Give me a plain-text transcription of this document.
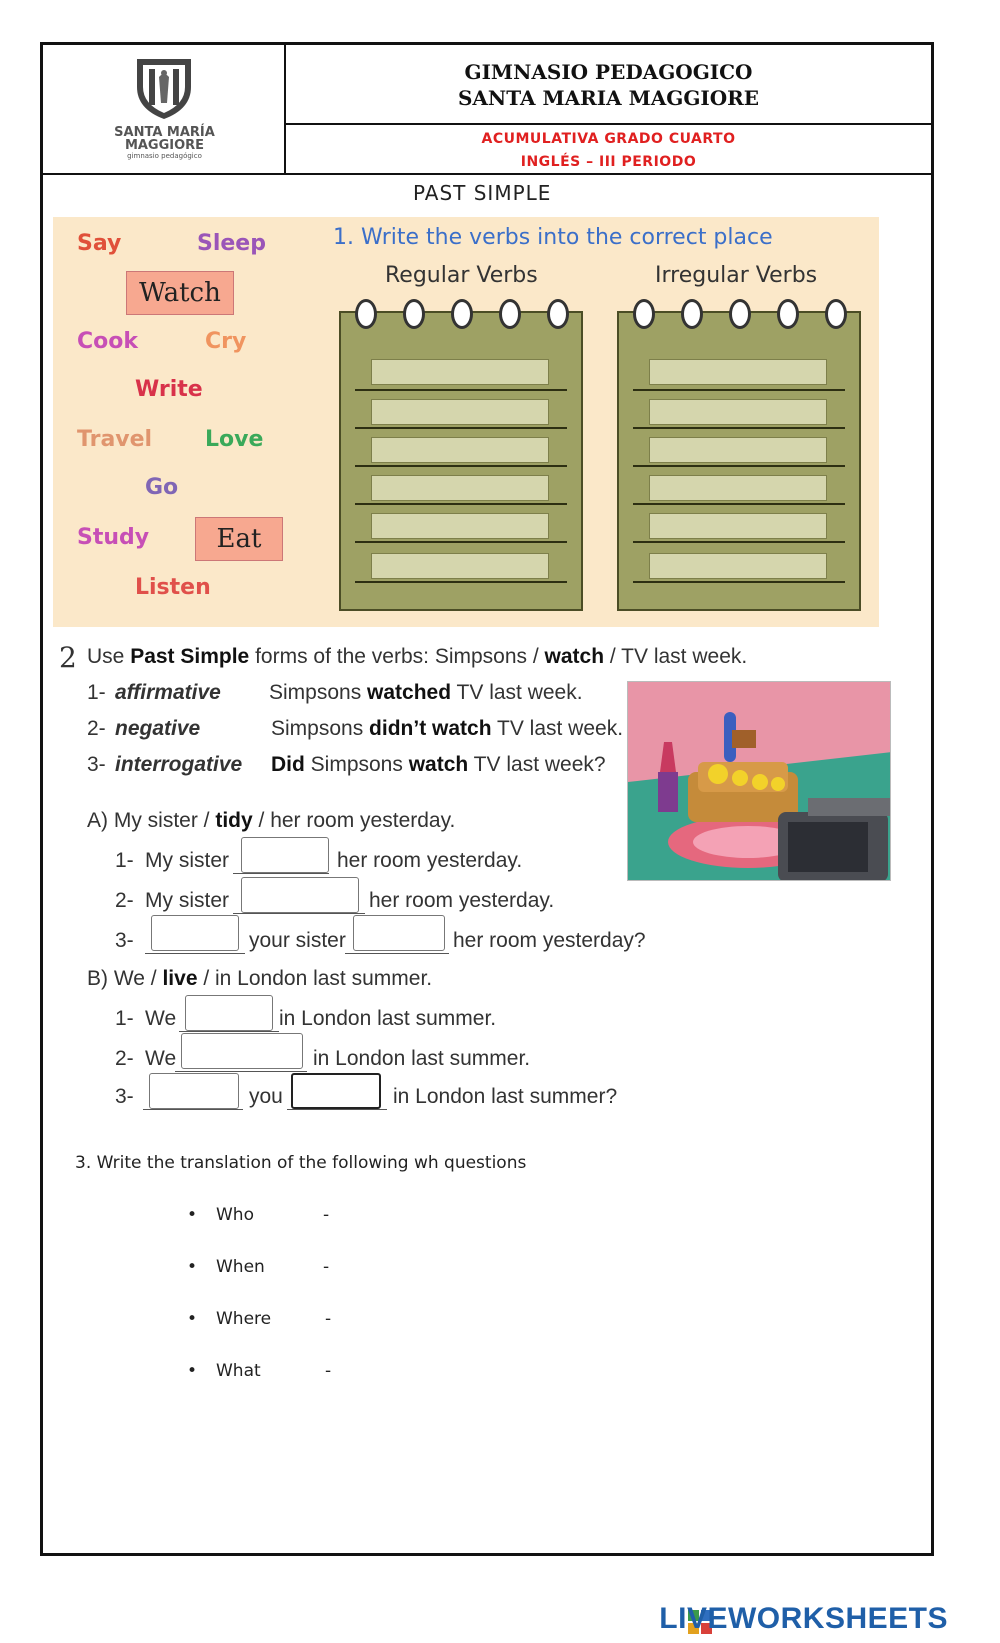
SANTA MARÍA
MAGGIORE
gimnasio pedagógico
GIMNASIO PEDAGOGICO
SANTA MARIA MAGGIORE
ACUMULATIVA GRADO CUARTO
INGLÉS – III PERIODO
PAST SIMPLE
Say	Sleep
Watch
Cook	Cry
Write
Travel Love
Go
Study	Eat
Listen
1. Write the verbs into the correct place
Regular Verbs	Irregular Verbs
2 Use Past Simple forms of the verbs: Simpsons / watch / TV last week.
1- affirmative Simpsons watched TV last week.
2- negative	Simpsons didn’t watch TV last week.
3- interrogative Did Simpsons watch TV last week?
A) My sister / tidy / her room yesterday.
1- My sister	her room yesterday.
2- My sister	her room yesterday.
3-	your sister	her room yesterday?
B) We / live / in London last summer.
1- We	in London last summer.
2- We	in London last summer.
3-	you	in London last summer?
3. Write the translation of the following wh questions
• Who	-
• When	-
• Where	-
• What	-
LIVEWORKSHEETS
